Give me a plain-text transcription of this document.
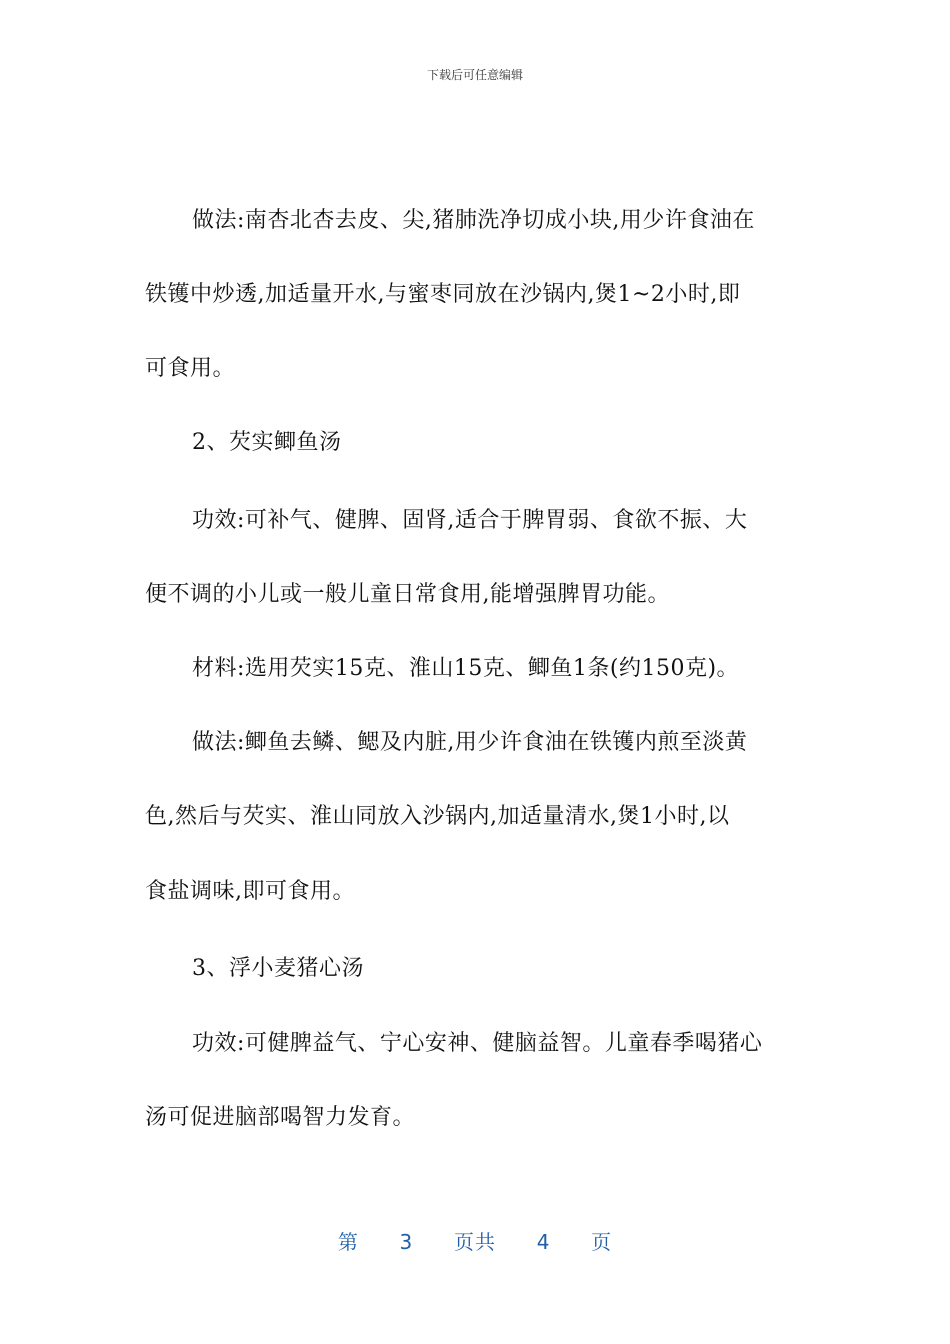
下载后可任意编辑
做法:南杏北杏去皮、尖,猪肺洗净切成小块,用少许食油在
铁镬中炒透,加适量开水,与蜜枣同放在沙锅内,煲1~2小时,即
可食用。
2、芡实鲫鱼汤
功效:可补气、健脾、固肾,适合于脾胃弱、食欲不振、大
便不调的小儿或一般儿童日常食用,能增强脾胃功能。
材料:选用芡实15克、淮山15克、鲫鱼1条(约150克)。
做法:鲫鱼去鳞、鳃及内脏,用少许食油在铁镬内煎至淡黄
色,然后与芡实、淮山同放入沙锅内,加适量清水,煲1小时,以
食盐调味,即可食用。
3、浮小麦猪心汤
功效:可健脾益气、宁心安神、健脑益智。儿童春季喝猪心
汤可促进脑部喝智力发育。
第 3 页共 4 页
